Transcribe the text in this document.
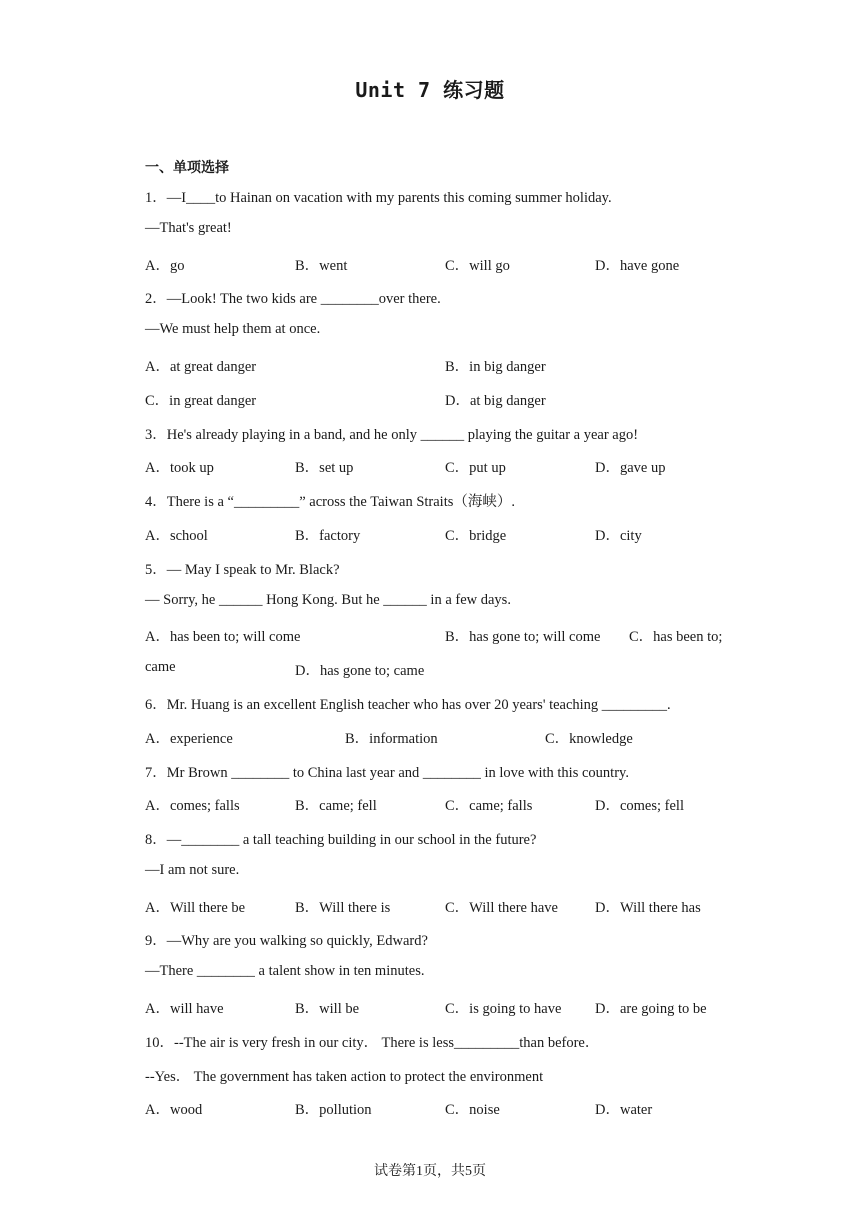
Unit 7 练习题
一、单项选择
1．—I____to Hainan on vacation with my parents this coming summer holiday.
—That's great!
A．go	B．went	C．will go	D．have gone
2．—Look! The two kids are ________over there.
—We must help them at once.
A．at great danger	B．in big danger
C．in great danger	D．at big danger
3．He's already playing in a band, and he only ______ playing the guitar a year ago!
A．took up	B．set up	C．put up	D．gave up
4．There is a “_________” across the Taiwan Straits（海峡）.
A．school	B．factory	C．bridge	D．city
5．— May I speak to Mr. Black?
— Sorry, he ______ Hong Kong. But he ______ in a few days.
A．has been to; will come	B．has gone to; will come C．has been to;
came	D．has gone to; came
6．Mr. Huang is an excellent English teacher who has over 20 years' teaching _________.
A．experience	B．information	C．knowledge
7．Mr Brown ________ to China last year and ________ in love with this country.
A．comes; falls	B．came; fell	C．came; falls	D．comes; fell
8．—________ a tall teaching building in our school in the future?
—I am not sure.
A．Will there be	B．Will there is	C．Will there have	D．Will there has
9．—Why are you walking so quickly, Edward?
—There ________ a talent show in ten minutes.
A．will have	B．will be	C．is going to have D．are going to be
10．--The air is very fresh in our city． There is less_________than before．
--Yes． The government has taken action to protect the environment
A．wood	B．pollution	C．noise	D．water
试卷第1页，共5页
